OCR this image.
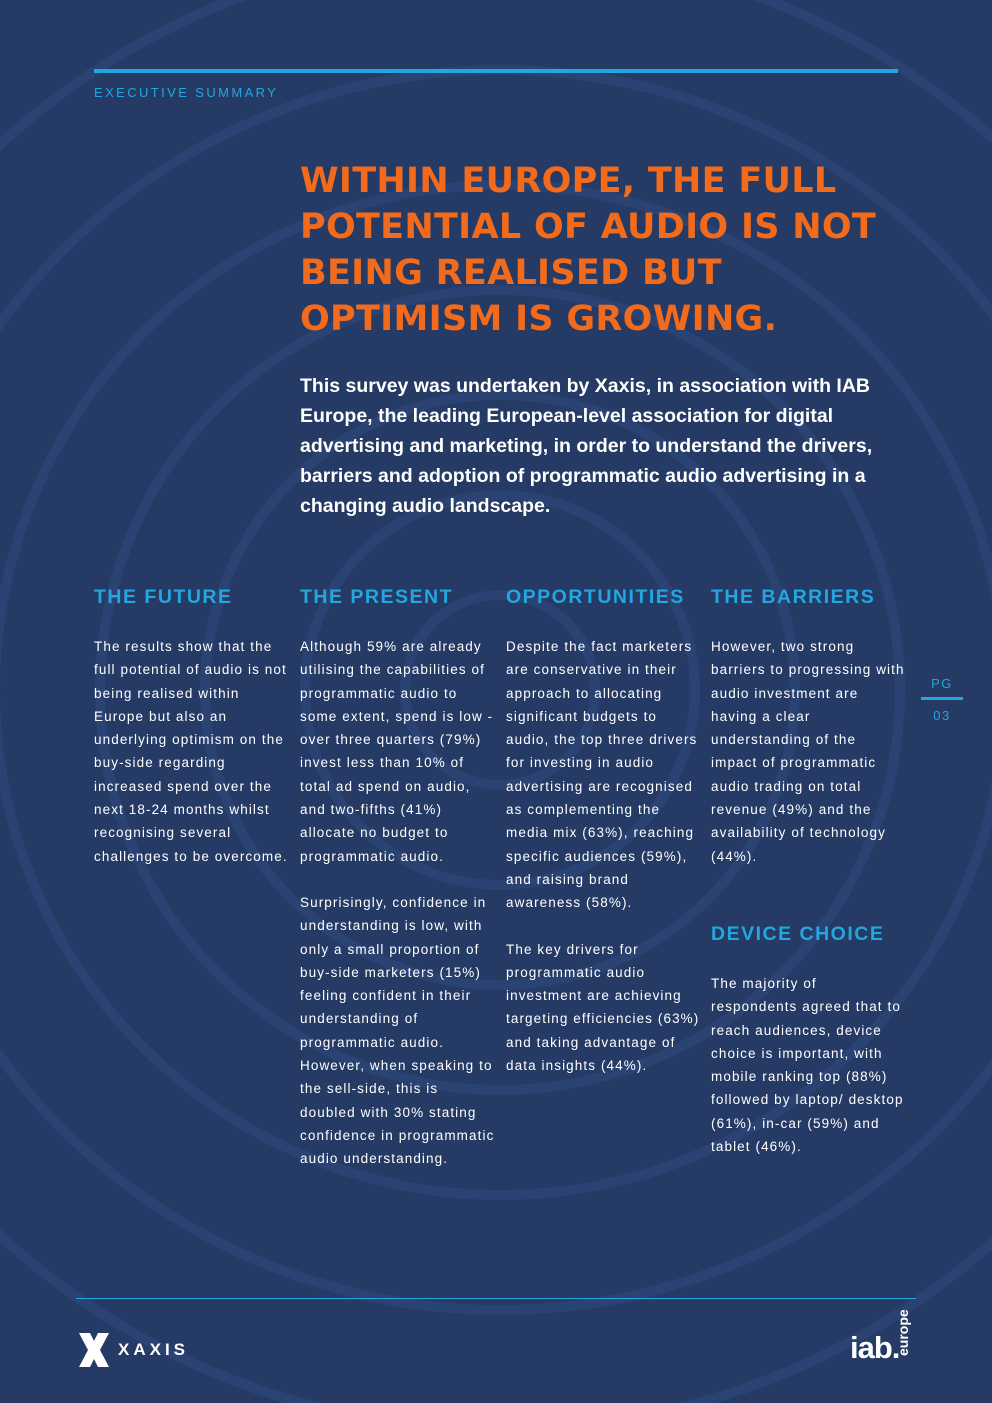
EXECUTIVE SUMMARY
WITHIN EUROPE, THE FULL POTENTIAL OF AUDIO IS NOT BEING REALISED BUT OPTIMISM IS GROWING.

This survey was undertaken by Xaxis, in association with IAB Europe, the leading European-level association for digital advertising and marketing, in order to understand the drivers, barriers and adoption of programmatic audio advertising in a changing audio landscape.

THE FUTURE

The results show that the full potential of audio is not being realised within Europe but also an underlying optimism on the buy-side regarding increased spend over the next 18-24 months whilst recognising several challenges to be overcome.

THE PRESENT

Although 59% are already utilising the capabilities of programmatic audio to some extent, spend is low - over three quarters (79%) invest less than 10% of total ad spend on audio, and two-fifths (41%) allocate no budget to programmatic audio.

Surprisingly, confidence in understanding is low, with only a small proportion of buy-side marketers (15%) feeling confident in their understanding of programmatic audio. However, when speaking to the sell-side, this is doubled with 30% stating confidence in programmatic audio understanding.

OPPORTUNITIES

Despite the fact marketers are conservative in their approach to allocating significant budgets to audio, the top three drivers for investing in audio advertising are recognised as complementing the media mix (63%), reaching specific audiences (59%), and raising brand awareness (58%).

The key drivers for programmatic audio investment are achieving targeting efficiencies (63%) and taking advantage of data insights (44%).

THE BARRIERS

However, two strong barriers to progressing with audio investment are having a clear understanding of the impact of programmatic audio trading on total revenue (49%) and the availability of technology (44%).

DEVICE CHOICE

The majority of respondents agreed that to reach audiences, device choice is important, with mobile ranking top (88%) followed by laptop/ desktop (61%), in-car (59%) and tablet (46%).

PG
03
XAXIS	iab.
europe
